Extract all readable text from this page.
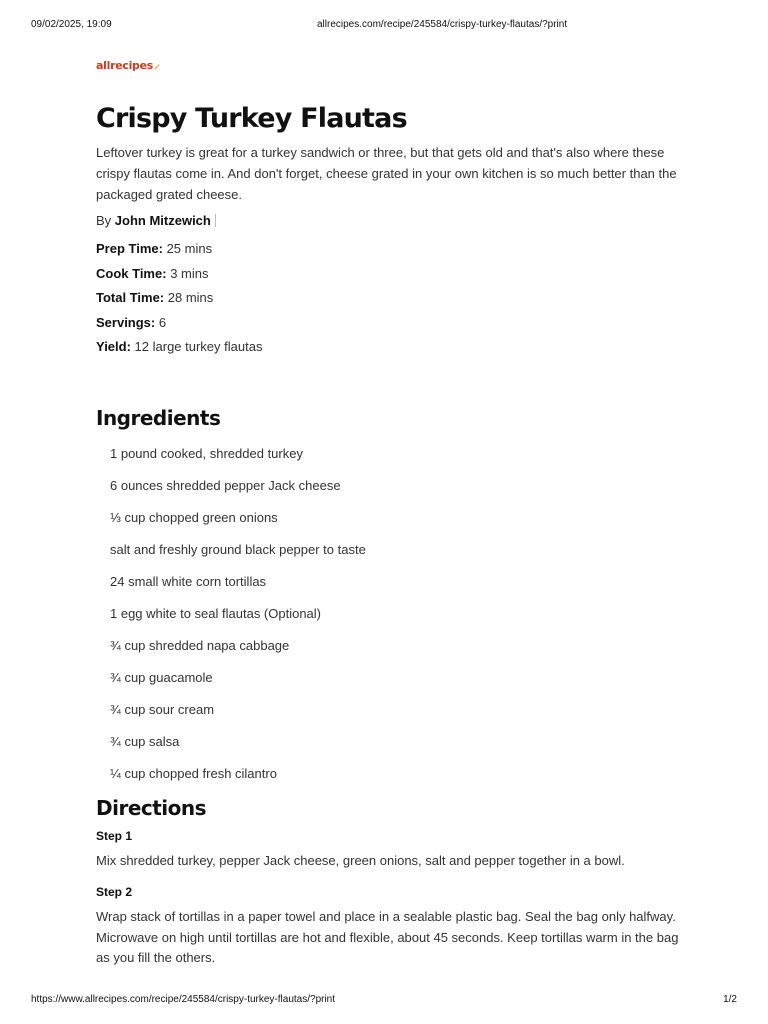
09/02/2025, 19:09	allrecipes.com/recipe/245584/crispy-turkey-flautas/?print
allrecipes ⸝
Crispy Turkey Flautas
Leftover turkey is great for a turkey sandwich or three, but that gets old and that's also where these crispy flautas come in. And don't forget, cheese grated in your own kitchen is so much better than the packaged grated cheese.
By John Mitzewich
Prep Time: 25 mins
Cook Time: 3 mins
Total Time: 28 mins
Servings: 6
Yield: 12 large turkey flautas
Ingredients
1 pound cooked, shredded turkey
6 ounces shredded pepper Jack cheese
⅓ cup chopped green onions
salt and freshly ground black pepper to taste
24 small white corn tortillas
1 egg white to seal flautas (Optional)
¾ cup shredded napa cabbage
¾ cup guacamole
¾ cup sour cream
¾ cup salsa
¼ cup chopped fresh cilantro
Directions
Step 1
Mix shredded turkey, pepper Jack cheese, green onions, salt and pepper together in a bowl.
Step 2
Wrap stack of tortillas in a paper towel and place in a sealable plastic bag. Seal the bag only halfway. Microwave on high until tortillas are hot and flexible, about 45 seconds. Keep tortillas warm in the bag as you fill the others.
https://www.allrecipes.com/recipe/245584/crispy-turkey-flautas/?print	1/2
